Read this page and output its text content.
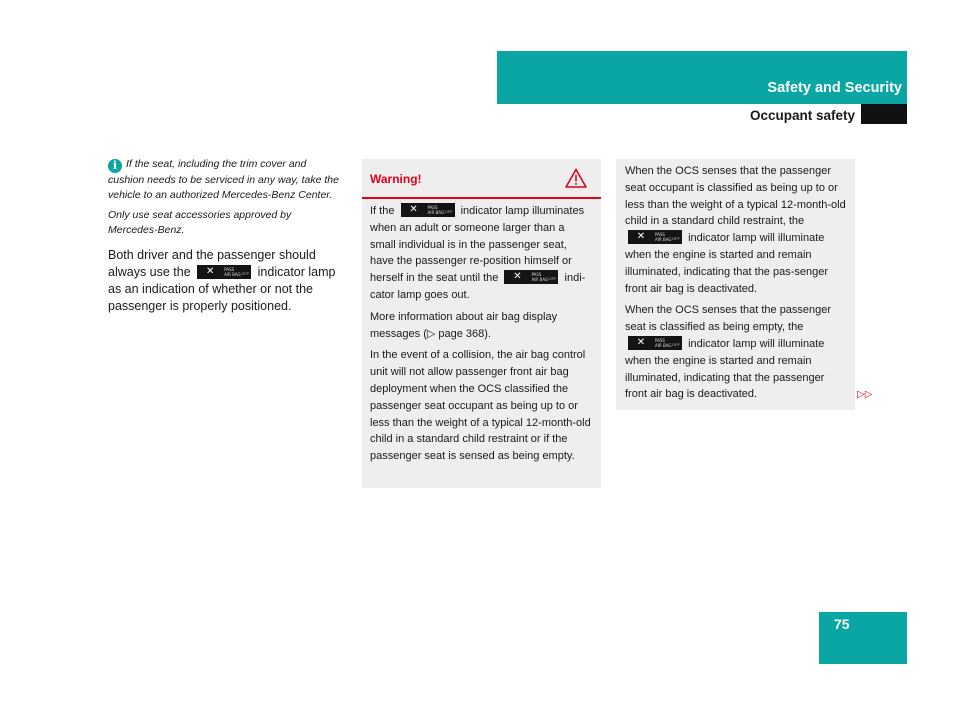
Safety and Security
Occupant safety

i If the seat, including the trim cover and cushion needs to be serviced in any way, take the vehicle to an authorized Mercedes-Benz Center.

Only use seat accessories approved by Mercedes-Benz.

Both driver and the passenger should always use the	✕	PASS
AIR BAG OFF indicator lamp as an indication of whether or not the passenger is properly positioned.

Warning!

If the	✕	PASS
AIR BAG OFF indicator lamp illuminates when an adult or someone larger than a small individual is in the passenger seat, have the passenger re-position himself or herself in the seat until the	✕	PASS
AIR BAG OFF indi-cator lamp goes out.

More information about air bag display messages (▷ page 368).

In the event of a collision, the air bag control unit will not allow passenger front air bag deployment when the OCS classified the passenger seat occupant as being up to or less than the weight of a typical 12-month-old child in a standard child restraint or if the passenger seat is sensed as being empty.

When the OCS senses that the passenger seat occupant is classified as being up to or less than the weight of a typical 12-month-old child in a standard child restraint, the
✕	PASS
AIR BAG OFF indicator lamp will illuminate when the engine is started and remain illuminated, indicating that the pas-senger front air bag is deactivated.

When the OCS senses that the passenger seat is classified as being empty, the
✕	PASS
AIR BAG OFF indicator lamp will illuminate when the engine is started and remain illuminated, indicating that the passenger front air bag is deactivated.	▷▷
75
